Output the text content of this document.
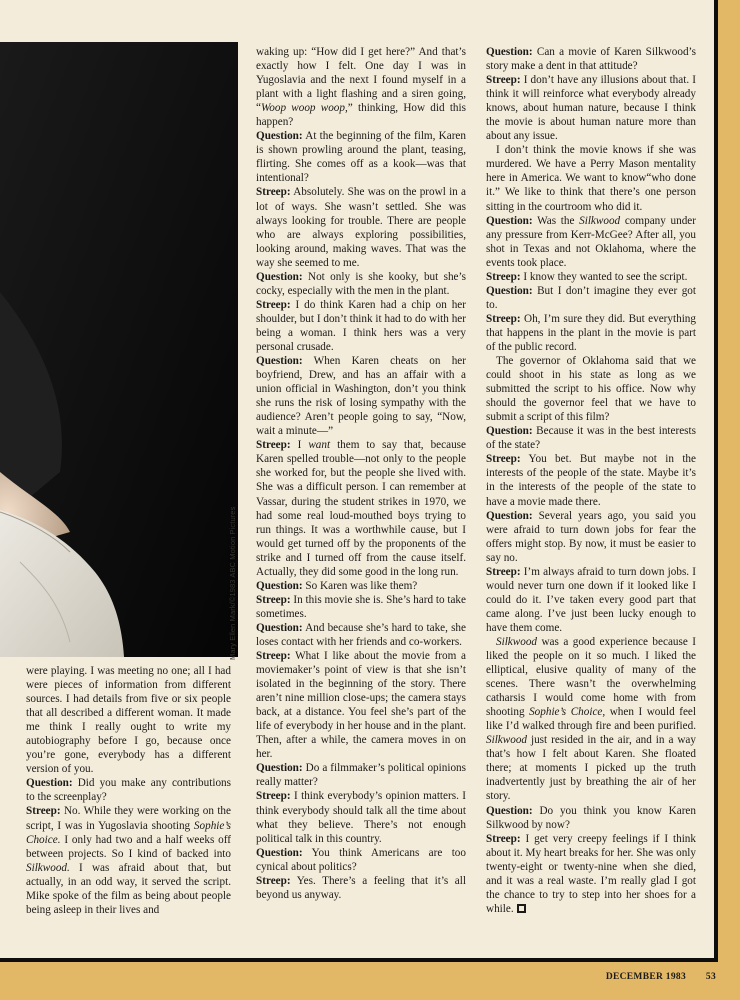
Mary Ellen Mark/©1983 ABC Motion Pictures

were playing. I was meeting no one; all I had were pieces of information from different sources. I had details from five or six people that all described a different woman. It made me think I really ought to write my autobiography before I go, because once you’re gone, everybody has a different version of you.

Question: Did you make any contributions to the screenplay?

Streep: No. While they were working on the script, I was in Yugoslavia shooting Sophie’s Choice. I only had two and a half weeks off between projects. So I kind of backed into Silkwood. I was afraid about that, but actually, in an odd way, it served the script. Mike spoke of the film as being about people being asleep in their lives and

waking up: “How did I get here?” And that’s exactly how I felt. One day I was in Yugoslavia and the next I found myself in a plant with a light flashing and a siren going, “Woop woop woop,” thinking, How did this happen?

Question: At the beginning of the film, Karen is shown prowling around the plant, teasing, flirting. She comes off as a kook—was that intentional?

Streep: Absolutely. She was on the prowl in a lot of ways. She wasn’t settled. She was always looking for trouble. There are people who are always exploring possibilities, looking around, making waves. That was the way she seemed to me.

Question: Not only is she kooky, but she’s cocky, especially with the men in the plant.

Streep: I do think Karen had a chip on her shoulder, but I don’t think it had to do with her being a woman. I think hers was a very personal crusade.

Question: When Karen cheats on her boyfriend, Drew, and has an affair with a union official in Washington, don’t you think she runs the risk of losing sympathy with the audience? Aren’t people going to say, “Now, wait a minute—”

Streep: I want them to say that, because Karen spelled trouble—not only to the people she worked for, but the people she lived with. She was a difficult person. I can remember at Vassar, during the student strikes in 1970, we had some real loud-mouthed boys trying to run things. It was a worthwhile cause, but I would get turned off by the proponents of the strike and I turned off from the cause itself. Actually, they did some good in the long run.

Question: So Karen was like them?

Streep: In this movie she is. She’s hard to take sometimes.

Question: And because she’s hard to take, she loses contact with her friends and co-workers.

Streep: What I like about the movie from a moviemaker’s point of view is that she isn’t isolated in the beginning of the story. There aren’t nine million close-ups; the camera stays back, at a distance. You feel she’s part of the life of everybody in her house and in the plant. Then, after a while, the camera moves in on her.

Question: Do a filmmaker’s political opinions really matter?

Streep: I think everybody’s opinion matters. I think everybody should talk all the time about what they believe. There’s not enough political talk in this country.

Question: You think Americans are too cynical about politics?

Streep: Yes. There’s a feeling that it’s all beyond us anyway.

Question: Can a movie of Karen Silkwood’s story make a dent in that attitude?

Streep: I don’t have any illusions about that. I think it will reinforce what everybody already knows, about human nature, because I think the movie is about human nature more than about any issue.

I don’t think the movie knows if she was murdered. We have a Perry Mason mentality here in America. We want to know“who done it.” We like to think that there’s one person sitting in the courtroom who did it.

Question: Was the Silkwood company under any pressure from Kerr-McGee? After all, you shot in Texas and not Oklahoma, where the events took place.

Streep: I know they wanted to see the script.

Question: But I don’t imagine they ever got to.

Streep: Oh, I’m sure they did. But everything that happens in the plant in the movie is part of the public record.

The governor of Oklahoma said that we could shoot in his state as long as we submitted the script to his office. Now why should the governor feel that we have to submit a script of this film?

Question: Because it was in the best interests of the state?

Streep: You bet. But maybe not in the interests of the people of the state. Maybe it’s in the interests of the people of the state to have a movie made there.

Question: Several years ago, you said you were afraid to turn down jobs for fear the offers might stop. By now, it must be easier to say no.

Streep: I’m always afraid to turn down jobs. I would never turn one down if it looked like I could do it. I’ve taken every good part that came along. I’ve just been lucky enough to have them come.

Silkwood was a good experience because I liked the people on it so much. I liked the elliptical, elusive quality of many of the scenes. There wasn’t the overwhelming catharsis I would come home with from shooting Sophie’s Choice, when I would feel like I’d walked through fire and been purified. Silkwood just resided in the air, and in a way that’s how I felt about Karen. She floated there; at moments I picked up the truth inadvertently just by breathing the air of her story.

Question: Do you think you know Karen Silkwood by now?

Streep: I get very creepy feelings if I think about it. My heart breaks for her. She was only twenty-eight or twenty-nine when she died, and it was a real waste. I’m really glad I got the chance to try to step into her shoes for a while.

DECEMBER 1983 53
